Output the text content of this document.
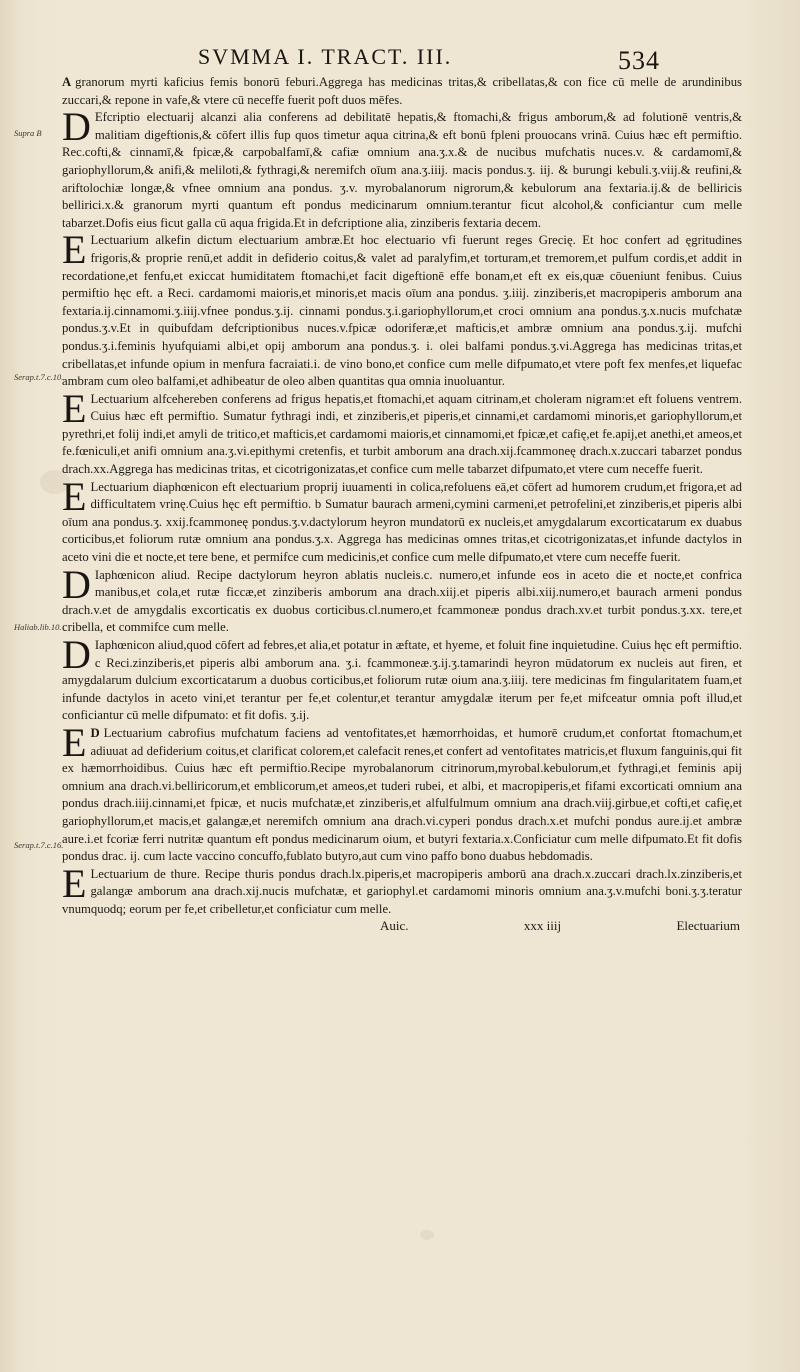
SVMMA I. TRACT. III.	534
Supra B
Serap.t.7.c.10.
Haliab.lib.10.
Serap.t.7.c.16.

A granorum myrti kaficius femis bonorū feburi.Aggrega has medicinas tritas,& cribellatas,& con fice cū melle de arundinibus zuccari,& repone in vafe,& vtere cū neceffe fuerit poft duos mēfes.

D Efcriptio electuarij alcanzi alia conferens ad debilitatē hepatis,& ftomachi,& frigus amborum,& ad folutionē ventris,& malitiam digeftionis,& cōfert illis fup quos timetur aqua citrina,& eft bonū fpleni prouocans vrinā. Cuius hæc eft permiftio. Rec.cofti,& cinnamī,& fpicæ,& carpobalfamī,& cafiæ omnium ana.ʒ.x.& de nucibus mufchatis nuces.v. & cardamomī,& gariophyllorum,& anifi,& meliloti,& fythragi,& neremifch oīum ana.ʒ.iiij. macis pondus.ʒ. iij. & burungi kebuli.ʒ.viij.& reufini,& ariftolochiæ longæ,& vfnee omnium ana pondus. ʒ.v. myrobalanorum nigrorum,& kebulorum ana fextaria.ij.& de belliricis bellirici.x.& granorum myrti quantum eft pondus medicinarum omnium.terantur ficut alcohol,& conficiantur cum melle tabarzet.Dofis eius ficut galla cū aqua frigida.Et in defcriptione alia, zinziberis fextaria decem.

E Lectuarium alkefin dictum electuarium ambræ.Et hoc electuario vfi fuerunt reges Grecię. Et hoc confert ad ęgritudines frigoris,& proprie renū,et addit in defiderio coitus,& valet ad paralyfim,et torturam,et tremorem,et pulfum cordis,et addit in recordatione,et fenfu,et exiccat humiditatem ftomachi,et facit digeftionē effe bonam,et eft ex eis,quæ cōueniunt fenibus. Cuius permiftio hęc eft. a Reci. cardamomi maioris,et minoris,et macis oīum ana pondus. ʒ.iiij. zinziberis,et macropiperis amborum ana fextaria.ij.cinnamomi.ʒ.iiij.vfnee pondus.ʒ.ij. cinnami pondus.ʒ.i.gariophyllorum,et croci omnium ana pondus.ʒ.x.nucis mufchatæ pondus.ʒ.v.Et in quibufdam defcriptionibus nuces.v.fpicæ odoriferæ,et mafticis,et ambræ omnium ana pondus.ʒ.ij. mufchi pondus.ʒ.i.feminis hyufquiami albi,et opij amborum ana pondus.ʒ. i. olei balfami pondus.ʒ.vi.Aggrega has medicinas tritas,et cribellatas,et infunde opium in menfura facraiati.i. de vino bono,et confice cum melle difpumato,et vtere poft fex menfes,et liquefac ambram cum oleo balfami,et adhibeatur de oleo alben quantitas qua omnia inuoluantur.

E Lectuarium alfcehereben conferens ad frigus hepatis,et ftomachi,et aquam citrinam,et choleram nigram:et eft foluens ventrem. Cuius hæc eft permiftio. Sumatur fythragi indi, et zinziberis,et piperis,et cinnami,et cardamomi minoris,et gariophyllorum,et pyrethri,et folij indi,et amyli de tritico,et mafticis,et cardamomi maioris,et cinnamomi,et fpicæ,et cafię,et fe.apij,et anethi,et ameos,et fe.fœniculi,et anifi omnium ana.ʒ.vi.epithymi cretenfis, et turbit amborum ana drach.xij.fcammoneę drach.x.zuccari tabarzet pondus drach.xx.Aggrega has medicinas tritas, et cicotrigonizatas,et confice cum melle tabarzet difpumato,et vtere cum neceffe fuerit.

E Lectuarium diaphœnicon eft electuarium proprij iuuamenti in colica,refoluens eā,et cōfert ad humorem crudum,et frigora,et ad difficultatem vrinę.Cuius hęc eft permiftio. b Sumatur baurach armeni,cymini carmeni,et petrofelini,et zinziberis,et piperis albi oīum ana pondus.ʒ. xxij.fcammoneę pondus.ʒ.v.dactylorum heyron mundatorū ex nucleis,et amygdalarum excorticatarum ex duabus corticibus,et foliorum rutæ omnium ana pondus.ʒ.x. Aggrega has medicinas omnes tritas,et cicotrigonizatas,et infunde dactylos in aceto vini die et nocte,et tere bene, et permifce cum medicinis,et confice cum melle difpumato,et vtere cum neceffe fuerit.

D Iaphœnicon aliud. Recipe dactylorum heyron ablatis nucleis.c. numero,et infunde eos in aceto die et nocte,et confrica manibus,et cola,et rutæ ficcæ,et zinziberis amborum ana drach.xiij.et piperis albi.xiij.numero,et baurach armeni pondus drach.v.et de amygdalis excorticatis ex duobus corticibus.cl.numero,et fcammoneæ pondus drach.xv.et turbit pondus.ʒ.xx. tere,et cribella, et commifce cum melle.

D Iaphœnicon aliud,quod cōfert ad febres,et alia,et potatur in æftate, et hyeme, et foluit fine inquietudine. Cuius hęc eft permiftio. c Reci.zinziberis,et piperis albi amborum ana. ʒ.i. fcammoneæ.ʒ.ij.ʒ.tamarindi heyron mūdatorum ex nucleis aut firen, et amygdalarum dulcium excorticatarum a duobus corticibus,et foliorum rutæ oium ana.ʒ.iiij. tere medicinas fm fingularitatem fuam,et infunde dactylos in aceto vini,et terantur per fe,et colentur,et terantur amygdalæ iterum per fe,et mifceatur omnia poft illud,et conficiantur cū melle difpumato: et fit dofis. ʒ.ij.

D
E Lectuarium cabrofius mufchatum faciens ad ventofitates,et hæmorrhoidas, et humorē crudum,et confortat ftomachum,et adiuuat ad defiderium coitus,et clarificat colorem,et calefacit renes,et confert ad ventofitates matricis,et fluxum fanguinis,qui fit ex hæmorrhoidibus. Cuius hæc eft permiftio.Recipe myrobalanorum citrinorum,myrobal.kebulorum,et fythragi,et feminis apij omnium ana drach.vi.belliricorum,et emblicorum,et ameos,et tuderi rubei, et albi, et macropiperis,et fifami excorticati omnium ana pondus drach.iiij.cinnami,et fpicæ, et nucis mufchatæ,et zinziberis,et alfulfulmum omnium ana drach.viij.girbue,et cofti,et cafię,et gariophyllorum,et macis,et galangæ,et neremifch omnium ana drach.vi.cyperi pondus drach.x.et mufchi pondus aure.ij.et ambræ aure.i.et fcoriæ ferri nutritæ quantum eft pondus medicinarum oium, et butyri fextaria.x.Conficiatur cum melle difpumato.Et fit dofis pondus drac. ij. cum lacte vaccino concuffo,fublato butyro,aut cum vino paffo bono duabus hebdomadis.

E Lectuarium de thure. Recipe thuris pondus drach.lx.piperis,et macropiperis amborū ana drach.x.zuccari drach.lx.zinziberis,et galangæ amborum ana drach.xij.nucis mufchatæ, et gariophyl.et cardamomi minoris omnium ana.ʒ.v.mufchi boni.ʒ.ʒ.teratur vnumquodq; eorum per fe,et cribelletur,et conficiatur cum melle.

Auic.	xxx iiij	Electuarium
